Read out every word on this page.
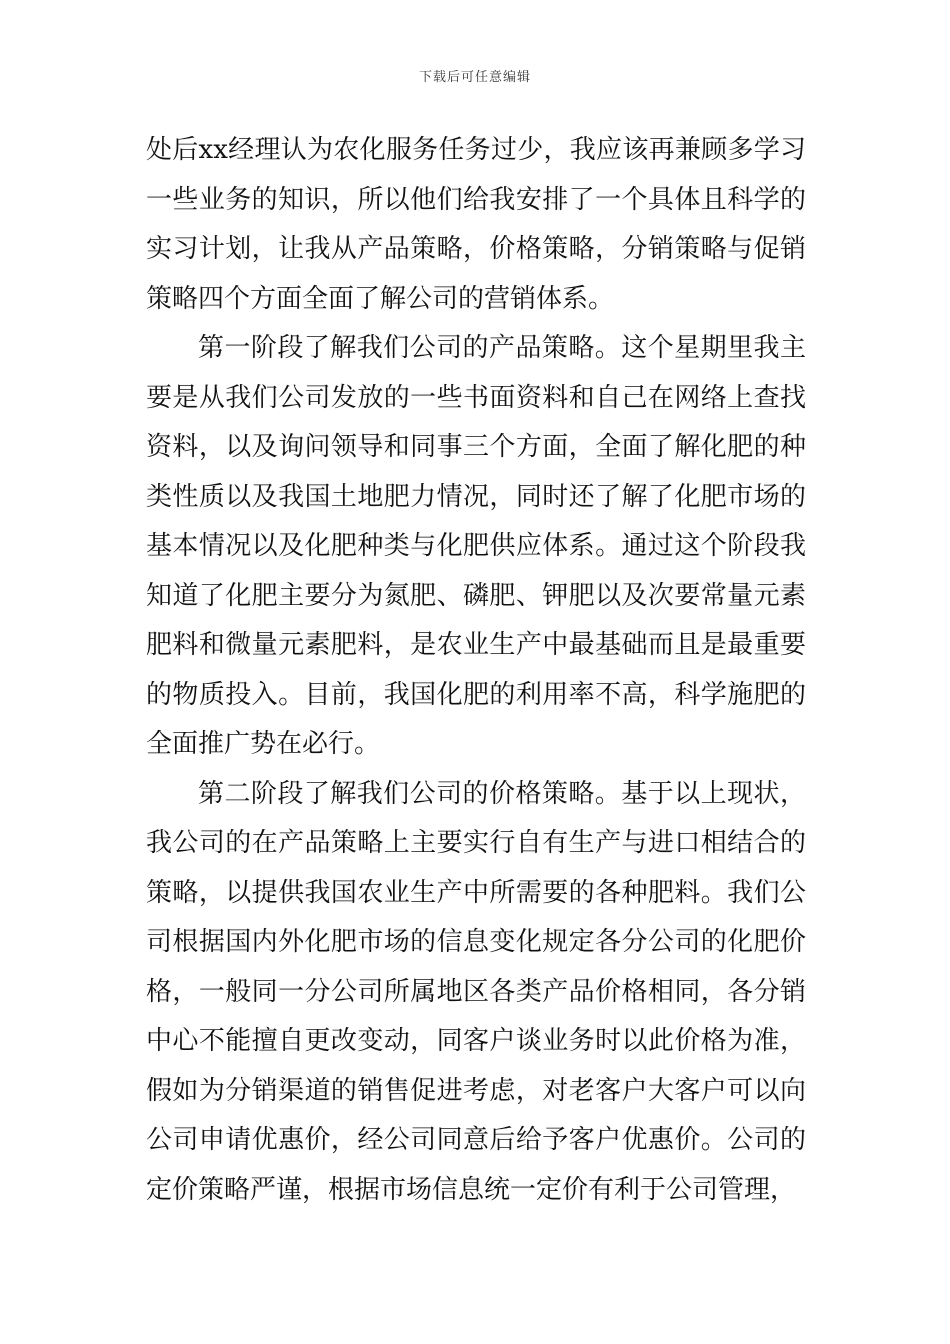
下载后可任意编辑

处后xx经理认为农化服务任务过少，我应该再兼顾多学习一些业务的知识，所以他们给我安排了一个具体且科学的实习计划，让我从产品策略，价格策略，分销策略与促销策略四个方面全面了解公司的营销体系。

第一阶段了解我们公司的产品策略。这个星期里我主要是从我们公司发放的一些书面资料和自己在网络上查找资料，以及询问领导和同事三个方面，全面了解化肥的种类性质以及我国土地肥力情况，同时还了解了化肥市场的基本情况以及化肥种类与化肥供应体系。通过这个阶段我知道了化肥主要分为氮肥、磷肥、钾肥以及次要常量元素肥料和微量元素肥料，是农业生产中最基础而且是最重要的物质投入。目前，我国化肥的利用率不高，科学施肥的全面推广势在必行。

第二阶段了解我们公司的价格策略。基于以上现状，我公司的在产品策略上主要实行自有生产与进口相结合的策略，以提供我国农业生产中所需要的各种肥料。我们公司根据国内外化肥市场的信息变化规定各分公司的化肥价格，一般同一分公司所属地区各类产品价格相同，各分销中心不能擅自更改变动，同客户谈业务时以此价格为准，假如为分销渠道的销售促进考虑，对老客户大客户可以向公司申请优惠价，经公司同意后给予客户优惠价。公司的定价策略严谨，根据市场信息统一定价有利于公司管理，
